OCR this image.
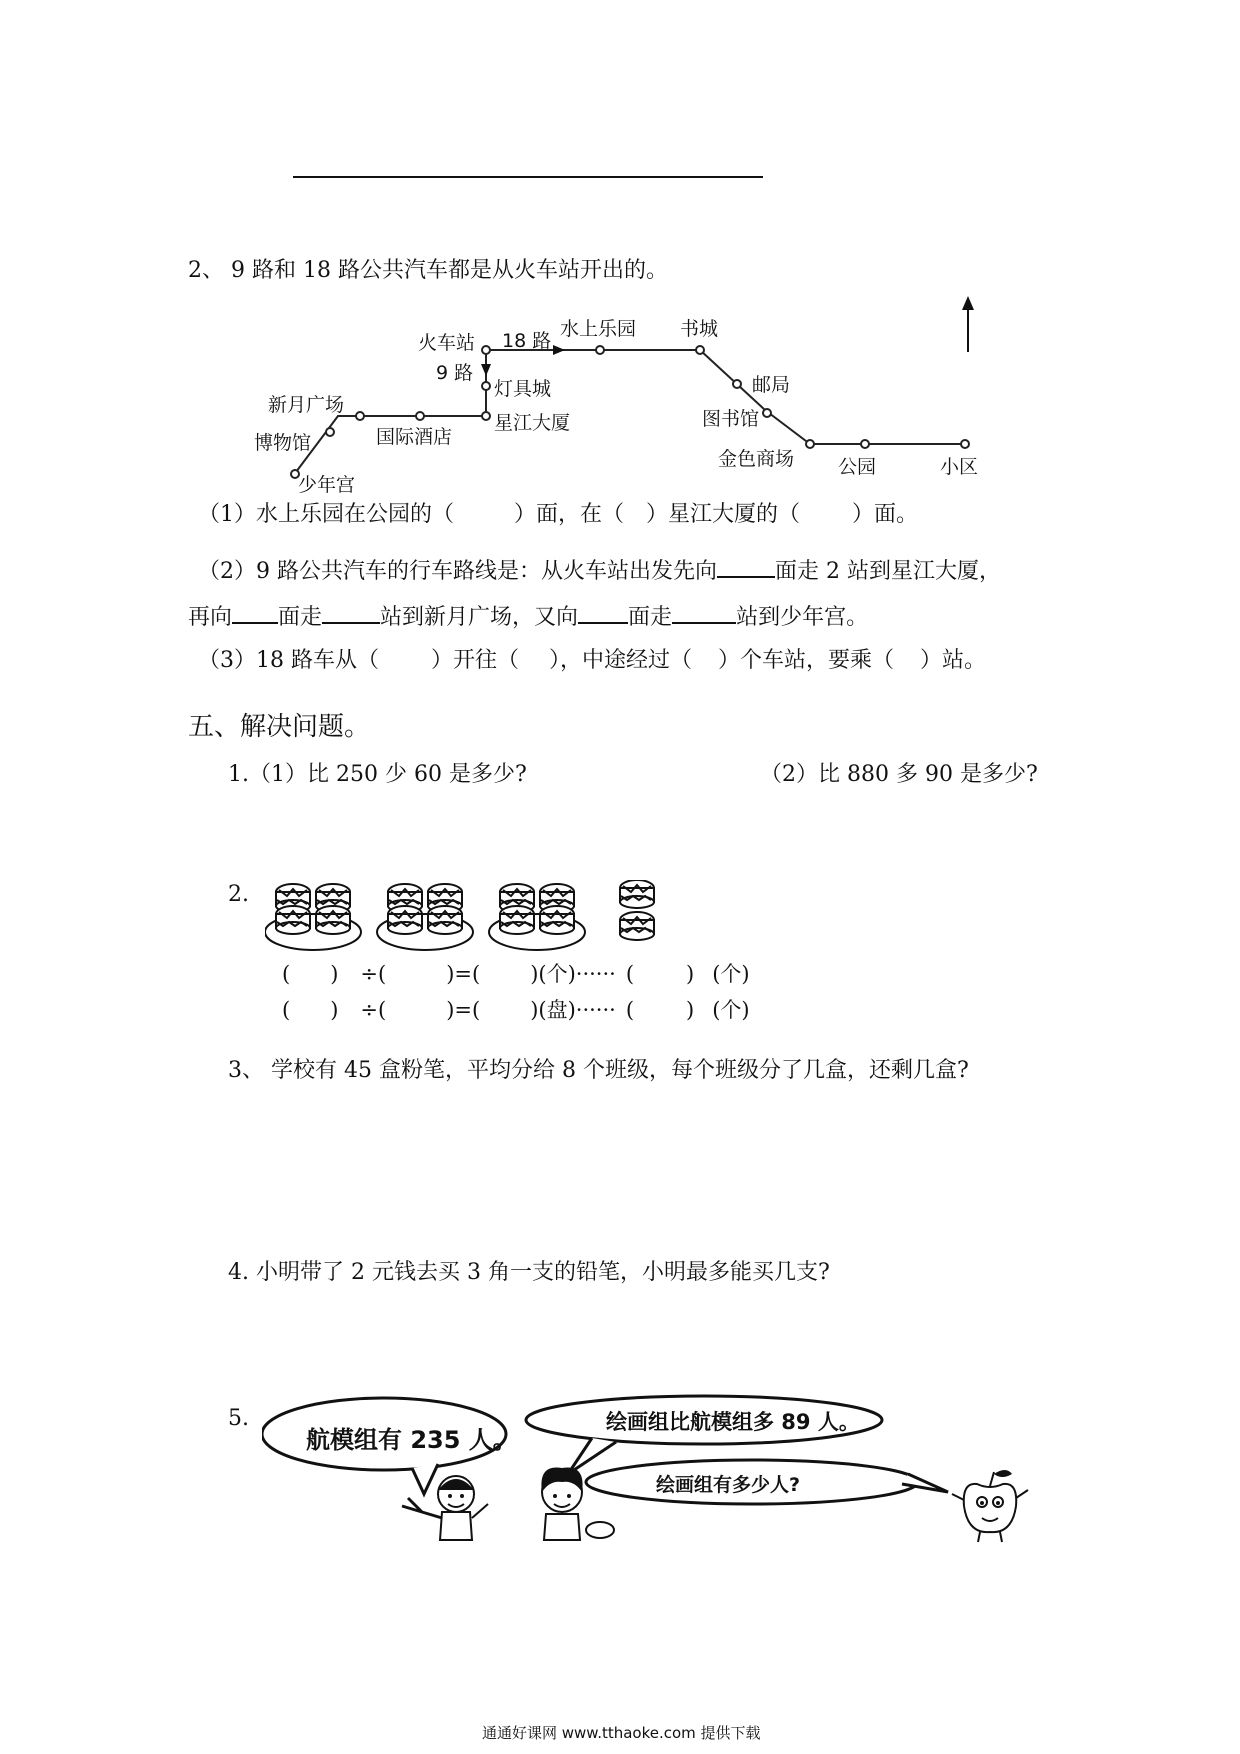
2、 9 路和 18 路公共汽车都是从火车站开出的。
火车站 18 路
水上乐园 书城
邮局
图书馆
金色商场 公园	小区
9 路
灯具城
星江大厦
国际酒店
新月广场
博物馆
少年宫
（1）水上乐园在公园的（	）面，在（ ）星江大厦的（ ）面。
（2）9 路公共汽车的行车路线是：从火车站出发先向	面走 2 站到星江大厦，
再向 面走	站到新月广场，又向 面走	站到少年宫。
（3）18 路车从（ ）开往（ ），中途经过（ ）个车站，要乘（ ）站。
五、解决问题。
1.（1）比 250 少 60 是多少?	（2）比 880 多 90 是多少?
2.
( ) ÷(	)=( )(个)······ ( ) (个)
( ) ÷(	)=( )(盘)······ ( ) (个)
3、 学校有 45 盒粉笔，平均分给 8 个班级，每个班级分了几盒，还剩几盒?
4. 小明带了 2 元钱去买 3 角一支的铅笔，小明最多能买几支?
5.
航模组有 235 人。
绘画组比航模组多 89 人。
绘画组有多少人?
通通好课网 www.tthaoke.com 提供下载
